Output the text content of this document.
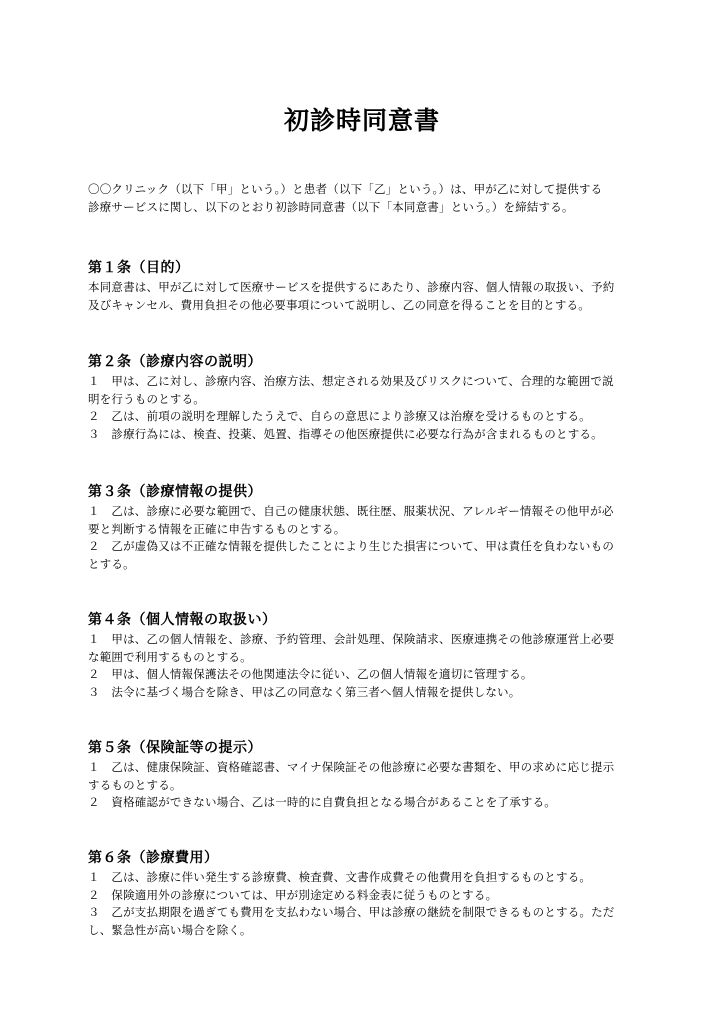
初診時同意書

〇〇クリニック（以下「甲」という。）と患者（以下「乙」という。）は、甲が乙に対して提供する

診療サービスに関し、以下のとおり初診時同意書（以下「本同意書」という。）を締結する。

第１条（目的）

本同意書は、甲が乙に対して医療サービスを提供するにあたり、診療内容、個人情報の取扱い、予約

及びキャンセル、費用負担その他必要事項について説明し、乙の同意を得ることを目的とする。

第２条（診療内容の説明）

１　甲は、乙に対し、診療内容、治療方法、想定される効果及びリスクについて、合理的な範囲で説

明を行うものとする。

２　乙は、前項の説明を理解したうえで、自らの意思により診療又は治療を受けるものとする。

３　診療行為には、検査、投薬、処置、指導その他医療提供に必要な行為が含まれるものとする。

第３条（診療情報の提供）

１　乙は、診療に必要な範囲で、自己の健康状態、既往歴、服薬状況、アレルギー情報その他甲が必

要と判断する情報を正確に申告するものとする。

２　乙が虚偽又は不正確な情報を提供したことにより生じた損害について、甲は責任を負わないもの

とする。

第４条（個人情報の取扱い）

１　甲は、乙の個人情報を、診療、予約管理、会計処理、保険請求、医療連携その他診療運営上必要

な範囲で利用するものとする。

２　甲は、個人情報保護法その他関連法令に従い、乙の個人情報を適切に管理する。

３　法令に基づく場合を除き、甲は乙の同意なく第三者へ個人情報を提供しない。

第５条（保険証等の提示）

１　乙は、健康保険証、資格確認書、マイナ保険証その他診療に必要な書類を、甲の求めに応じ提示

するものとする。

２　資格確認ができない場合、乙は一時的に自費負担となる場合があることを了承する。

第６条（診療費用）

１　乙は、診療に伴い発生する診療費、検査費、文書作成費その他費用を負担するものとする。

２　保険適用外の診療については、甲が別途定める料金表に従うものとする。

３　乙が支払期限を過ぎても費用を支払わない場合、甲は診療の継続を制限できるものとする。ただ

し、緊急性が高い場合を除く。
